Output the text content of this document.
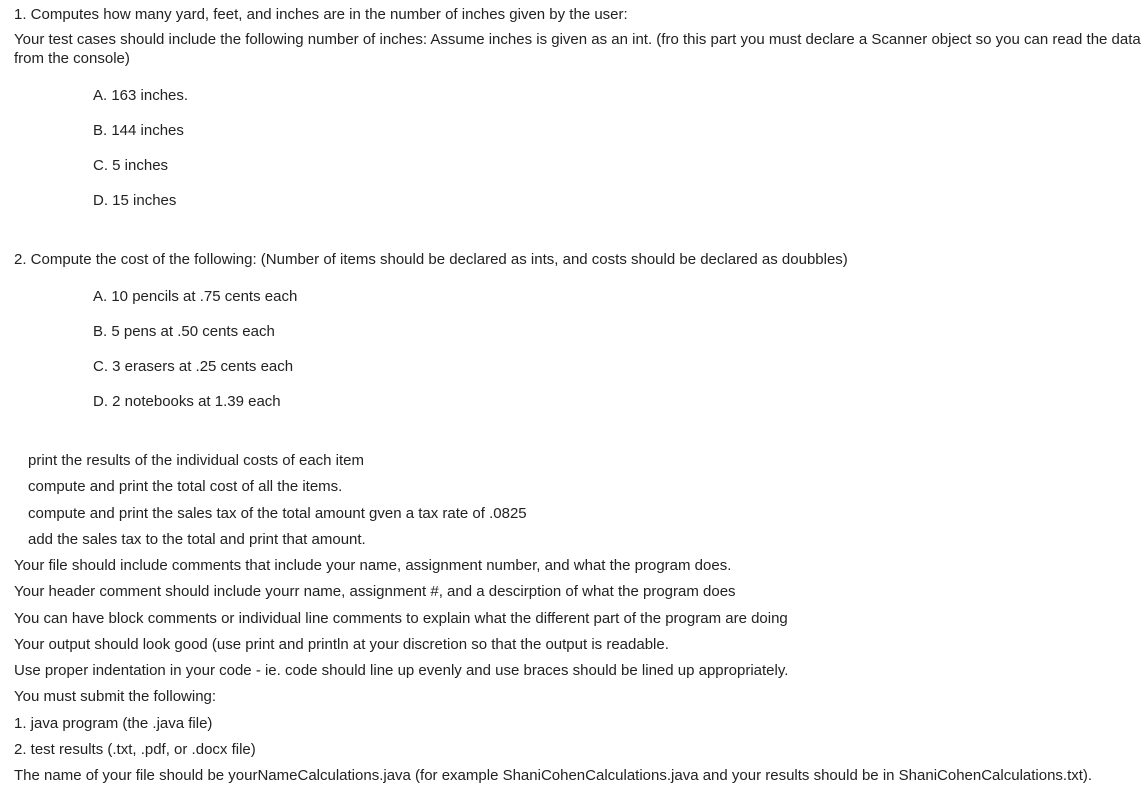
1. Computes how many yard, feet, and inches are in the number of inches given by the user:

Your test cases should include the following number of inches: Assume inches is given as an int. (fro this part you must declare a Scanner object so you can read the data from the console)

A. 163 inches.

B. 144 inches

C. 5 inches

D. 15 inches

2. Compute the cost of the following: (Number of items should be declared as ints, and costs should be declared as doubbles)

A. 10 pencils at .75 cents each

B. 5 pens at .50 cents each

C. 3 erasers at .25 cents each

D. 2 notebooks at 1.39 each

print the results of the individual costs of each item

compute and print the total cost of all the items.

compute and print the sales tax of the total amount gven a tax rate of .0825

add the sales tax to the total and print that amount.

Your file should include comments that include your name, assignment number, and what the program does.

Your header comment should include yourr name, assignment #, and a descirption of what the program does

You can have block comments or individual line comments to explain what the different part of the program are doing

Your output should look good (use print and println at your discretion so that the output is readable.

Use proper indentation in your code - ie. code should line up evenly and use braces should be lined up appropriately.

You must submit the following:

1. java program (the .java file)

2. test results (.txt, .pdf, or .docx file)

The name of your file should be yourNameCalculations.java (for example ShaniCohenCalculations.java and your results should be in ShaniCohenCalculations.txt).
